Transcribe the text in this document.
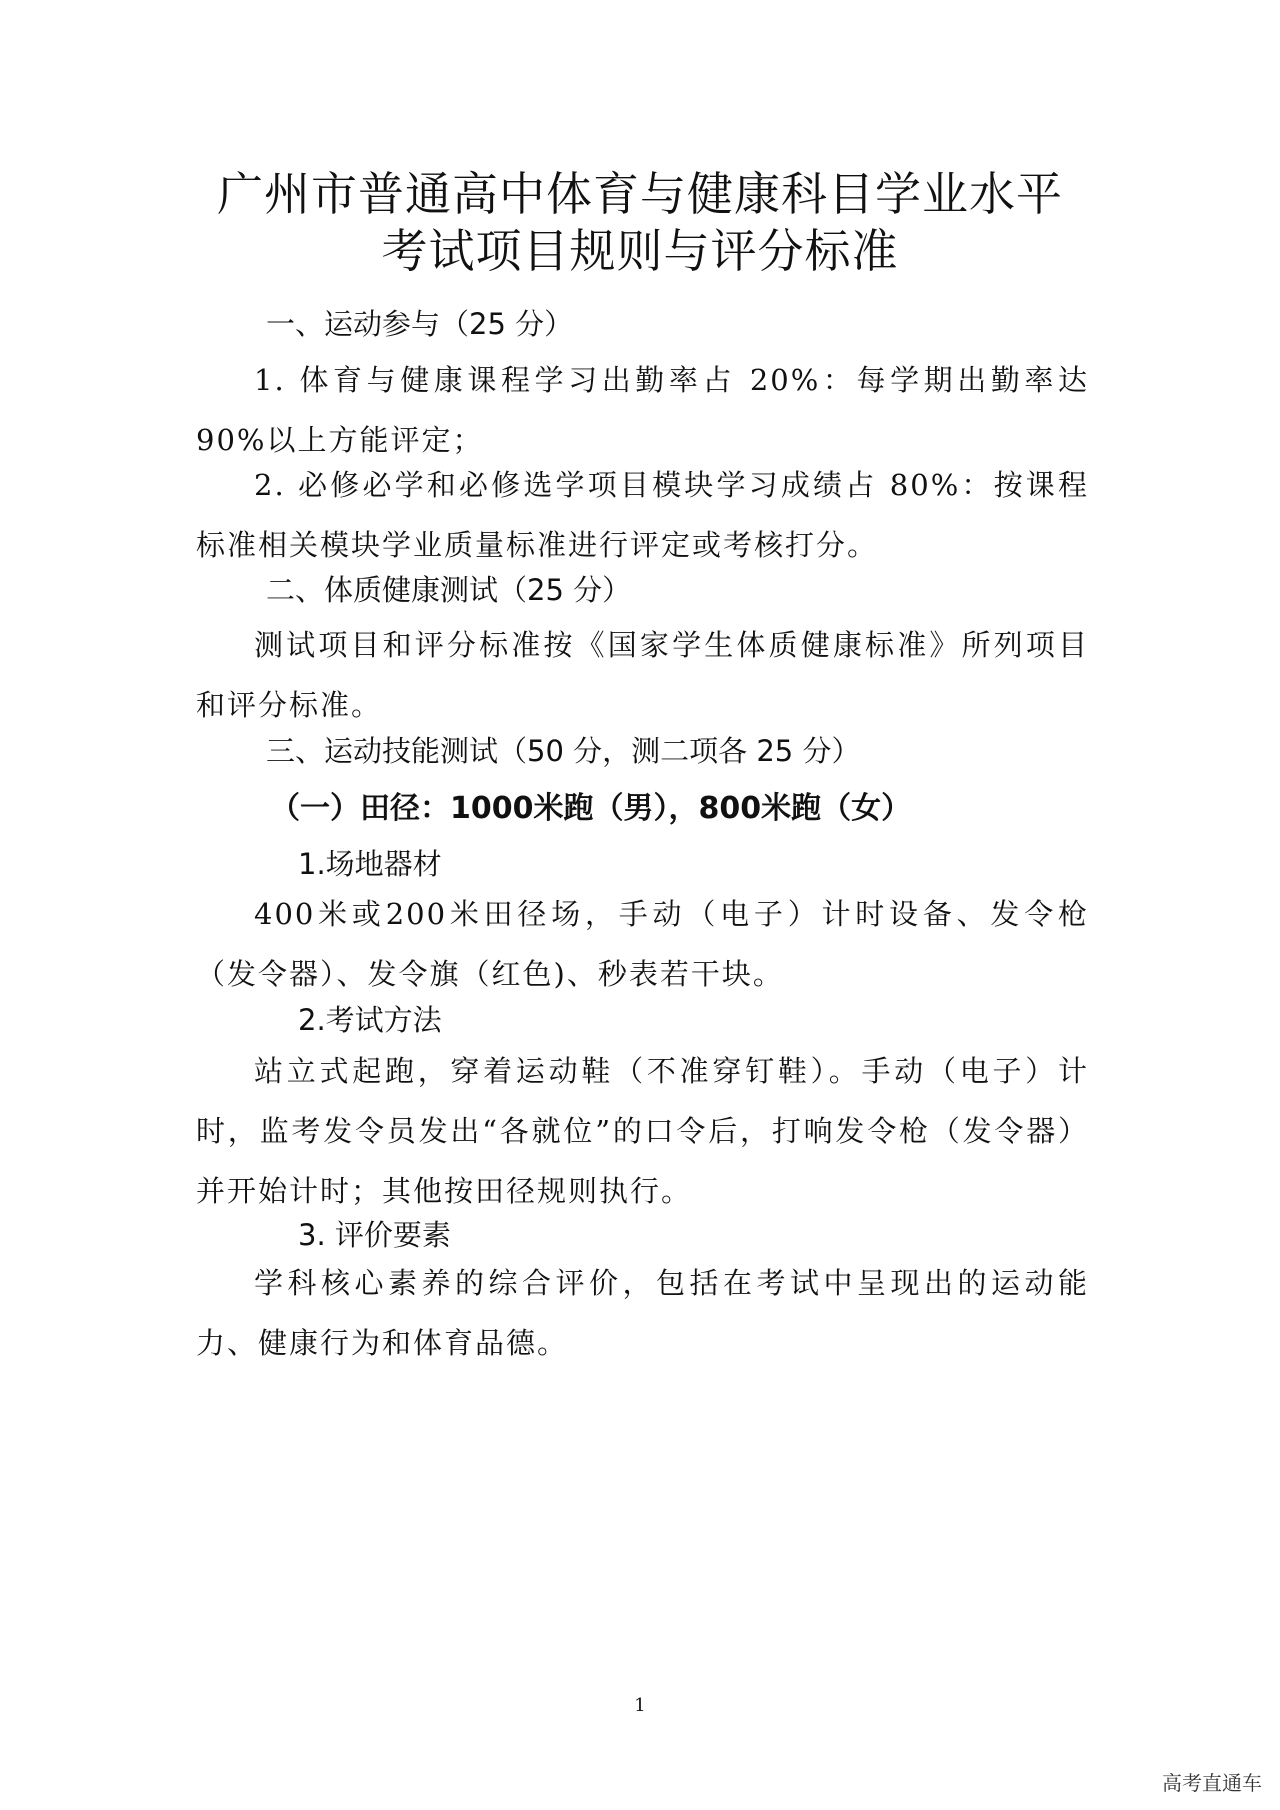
广州市普通高中体育与健康科目学业水平
考试项目规则与评分标准
一、运动参与（25 分）

1. 体育与健康课程学习出勤率占 20%：每学期出勤率达 90%以上方能评定；

2. 必修必学和必修选学项目模块学习成绩占 80%：按课程标准相关模块学业质量标准进行评定或考核打分。

二、体质健康测试（25 分）

测试项目和评分标准按《国家学生体质健康标准》所列项目和评分标准。

三、运动技能测试（50 分，测二项各 25 分）
（一）田径：1000米跑（男），800米跑（女）
1.场地器材

400米或200米田径场，手动（电子）计时设备、发令枪（发令器）、发令旗（红色)、秒表若干块。

2.考试方法

站立式起跑，穿着运动鞋（不准穿钉鞋）。手动（电子）计时，监考发令员发出“各就位”的口令后，打响发令枪（发令器）并开始计时；其他按田径规则执行。

3. 评价要素

学科核心素养的综合评价，包括在考试中呈现出的运动能力、健康行为和体育品德。

1
高考直通车
